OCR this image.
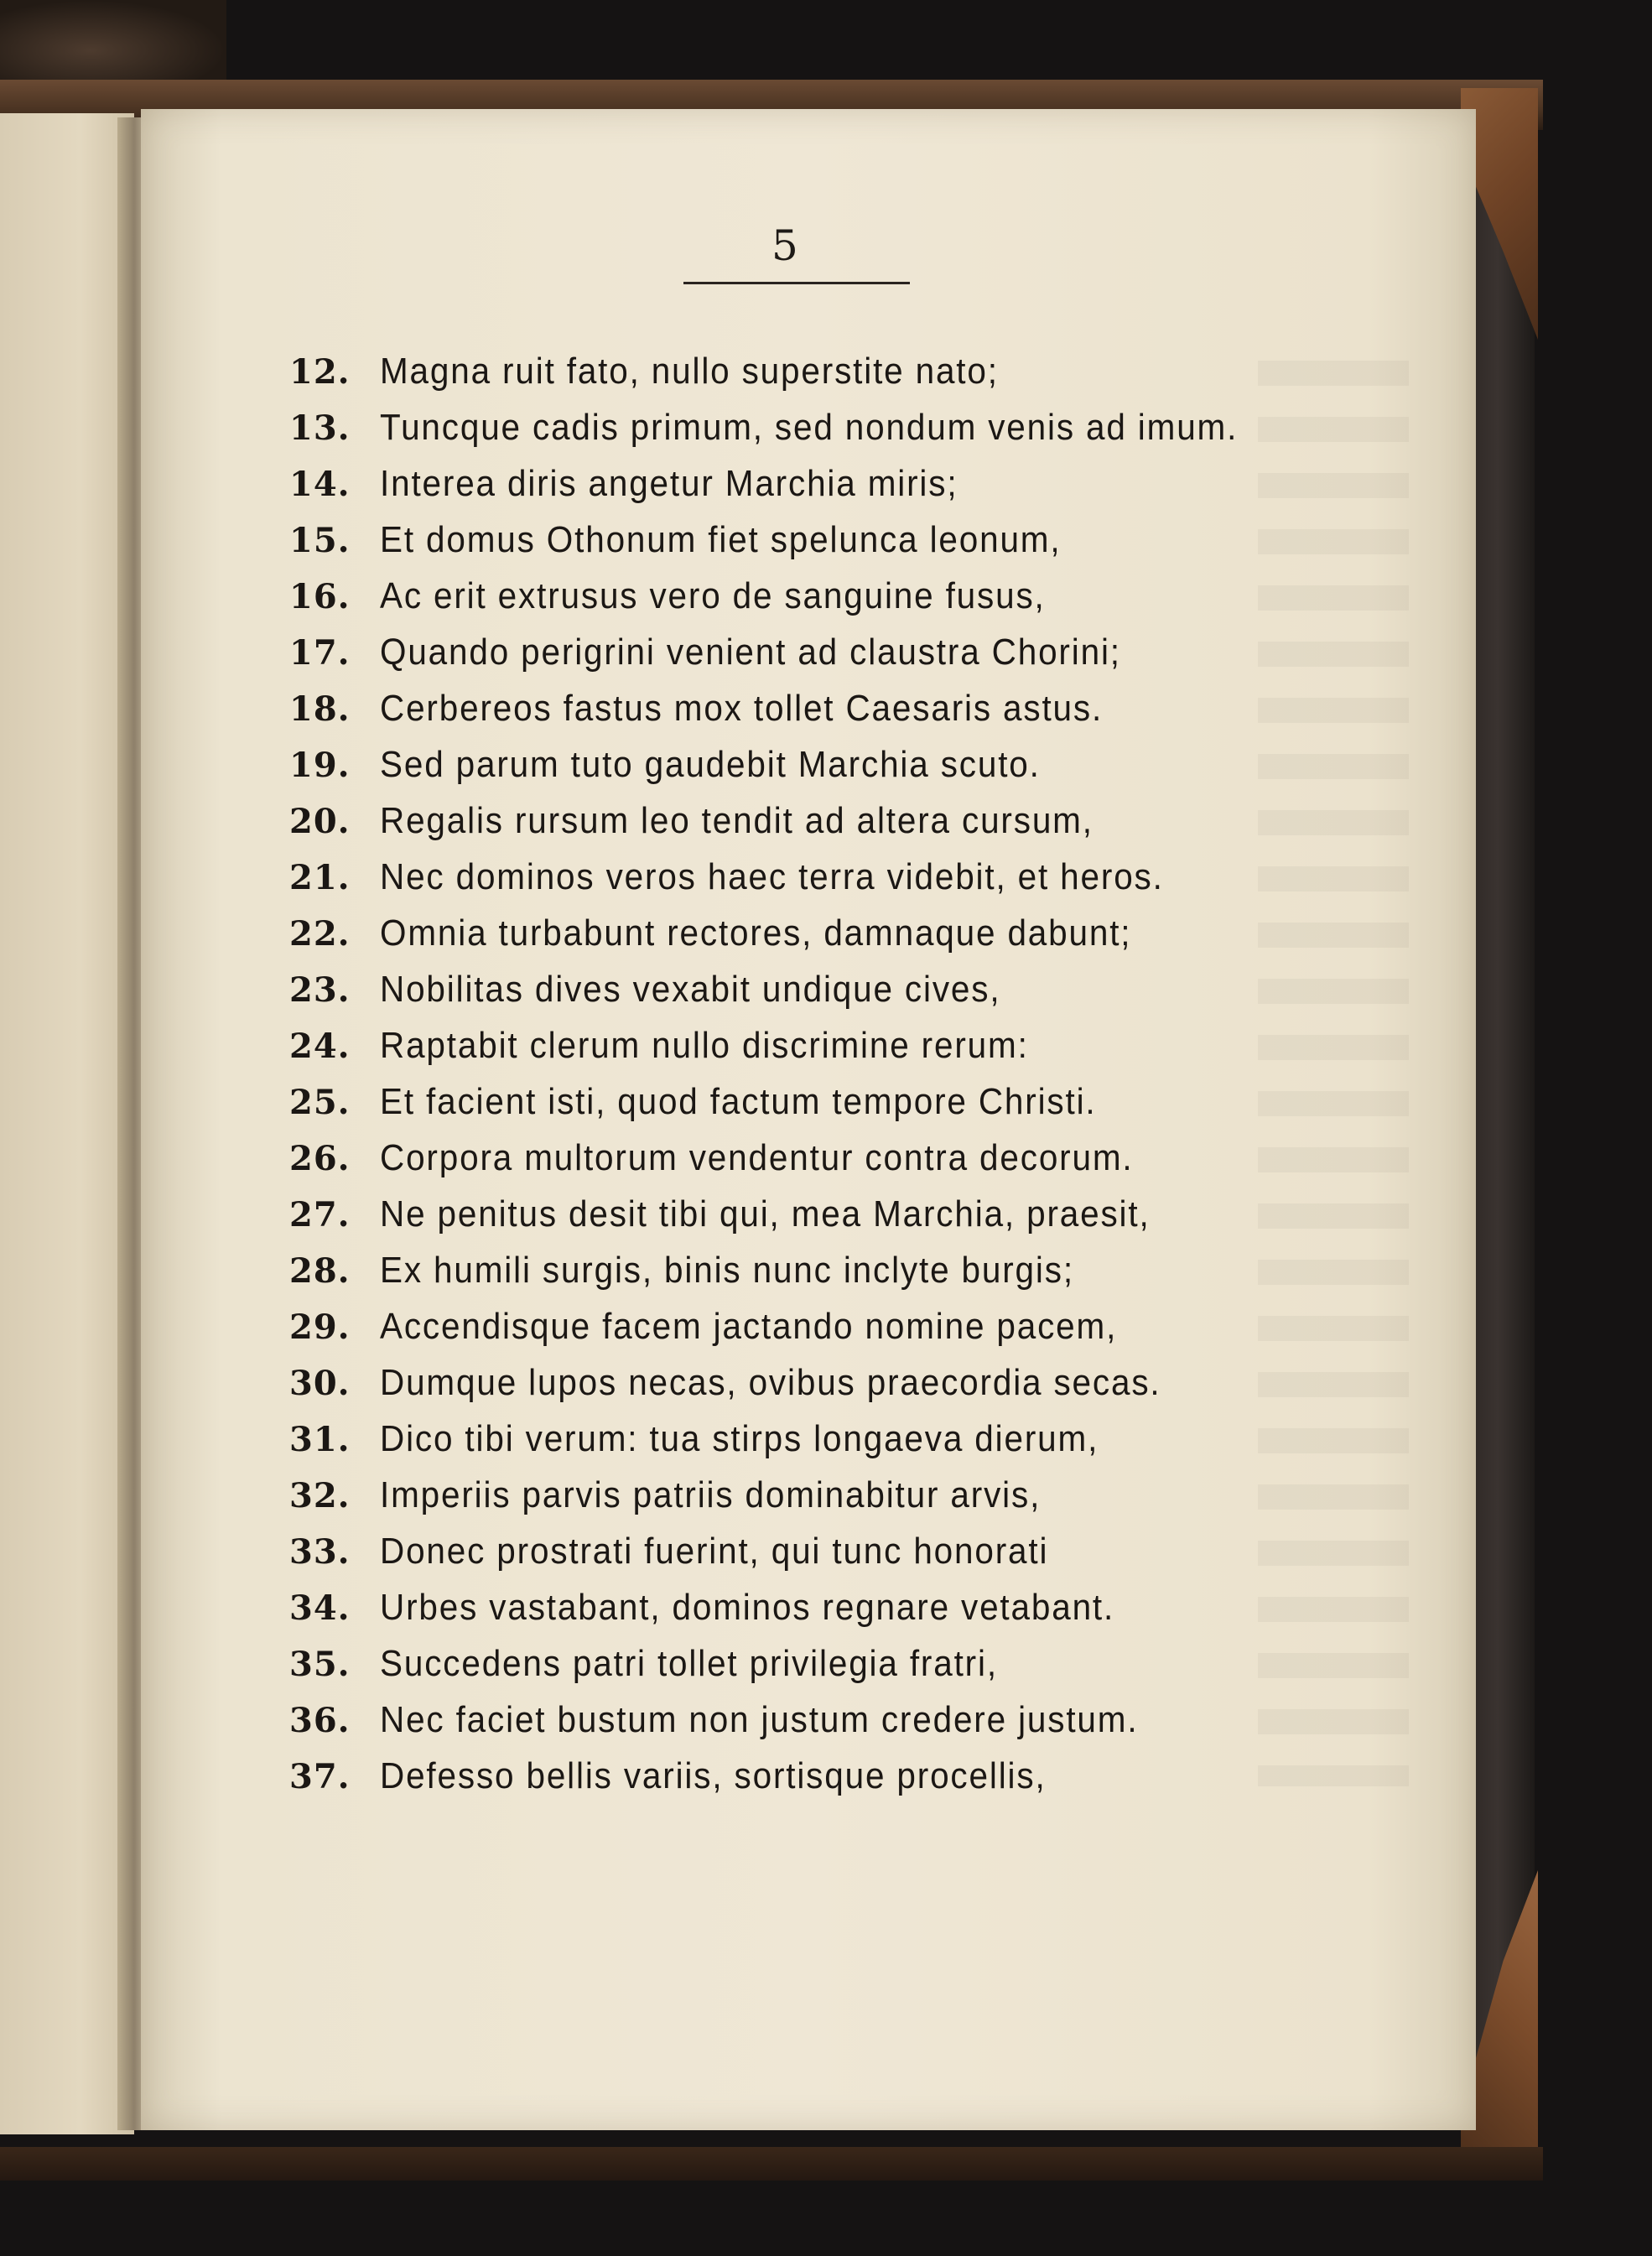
5
12. Magna ruit fato, nullo superstite nato;
13. Tuncque cadis primum, sed nondum venis ad imum.
14. Interea diris angetur Marchia miris;
15. Et domus Othonum fiet spelunca leonum,
16. Ac erit extrusus vero de sanguine fusus,
17. Quando perigrini venient ad claustra Chorini;
18. Cerbereos fastus mox tollet Caesaris astus.
19. Sed parum tuto gaudebit Marchia scuto.
20. Regalis rursum leo tendit ad altera cursum,
21. Nec dominos veros haec terra videbit, et heros.
22. Omnia turbabunt rectores, damnaque dabunt;
23. Nobilitas dives vexabit undique cives,
24. Raptabit clerum nullo discrimine rerum:
25. Et facient isti, quod factum tempore Christi.
26. Corpora multorum vendentur contra decorum.
27. Ne penitus desit tibi qui, mea Marchia, praesit,
28. Ex humili surgis, binis nunc inclyte burgis;
29. Accendisque facem jactando nomine pacem,
30. Dumque lupos necas, ovibus praecordia secas.
31. Dico tibi verum: tua stirps longaeva dierum,
32. Imperiis parvis patriis dominabitur arvis,
33. Donec prostrati fuerint, qui tunc honorati
34. Urbes vastabant, dominos regnare vetabant.
35. Succedens patri tollet privilegia fratri,
36. Nec faciet bustum non justum credere justum.
37. Defesso bellis variis, sortisque procellis,
